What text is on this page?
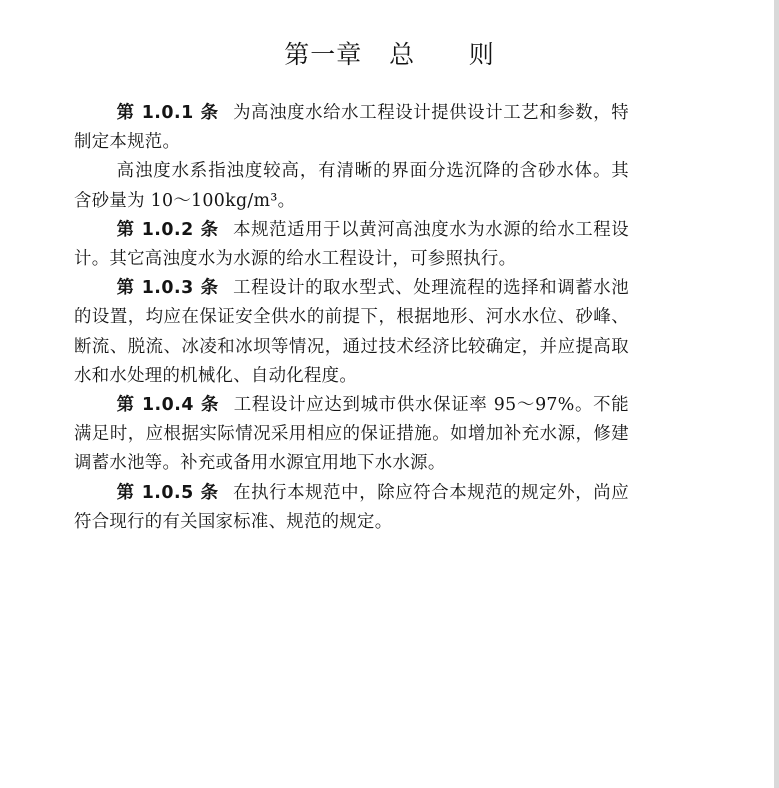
第一章   总      则

第 1.0.1 条 为高浊度水给水工程设计提供设计工艺和参数，特制定本规范。

高浊度水系指浊度较高，有清晰的界面分选沉降的含砂水体。其含砂量为 10～100kg/m³。

第 1.0.2 条 本规范适用于以黄河高浊度水为水源的给水工程设计。其它高浊度水为水源的给水工程设计，可参照执行。

第 1.0.3 条 工程设计的取水型式、处理流程的选择和调蓄水池的设置，均应在保证安全供水的前提下，根据地形、河水水位、砂峰、断流、脱流、冰凌和冰坝等情况，通过技术经济比较确定，并应提高取水和水处理的机械化、自动化程度。

第 1.0.4 条 工程设计应达到城市供水保证率 95～97%。不能满足时，应根据实际情况采用相应的保证措施。如增加补充水源，修建调蓄水池等。补充或备用水源宜用地下水水源。

第 1.0.5 条 在执行本规范中，除应符合本规范的规定外，尚应符合现行的有关国家标准、规范的规定。
